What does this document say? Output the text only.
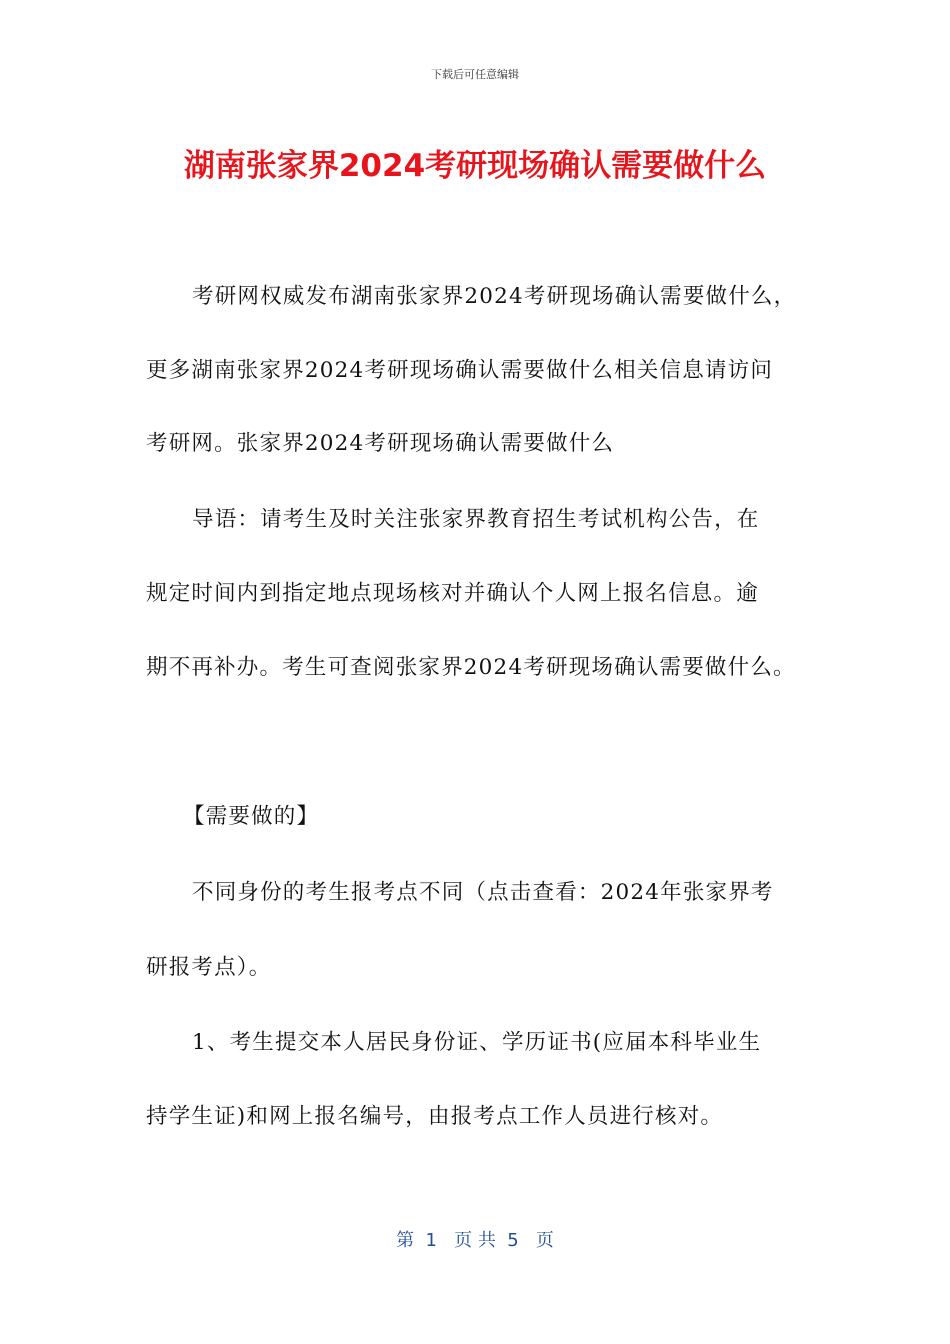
下载后可任意编辑
湖南张家界2024考研现场确认需要做什么
考研网权威发布湖南张家界2024考研现场确认需要做什么，
更多湖南张家界2024考研现场确认需要做什么相关信息请访问
考研网。张家界2024考研现场确认需要做什么
导语：请考生及时关注张家界教育招生考试机构公告，在
规定时间内到指定地点现场核对并确认个人网上报名信息。逾
期不再补办。考生可查阅张家界2024考研现场确认需要做什么。
【需要做的】
不同身份的考生报考点不同（点击查看：2024年张家界考
研报考点）。
1、考生提交本人居民身份证、学历证书(应届本科毕业生
持学生证)和网上报名编号，由报考点工作人员进行核对。
第  1   页 共  5   页
